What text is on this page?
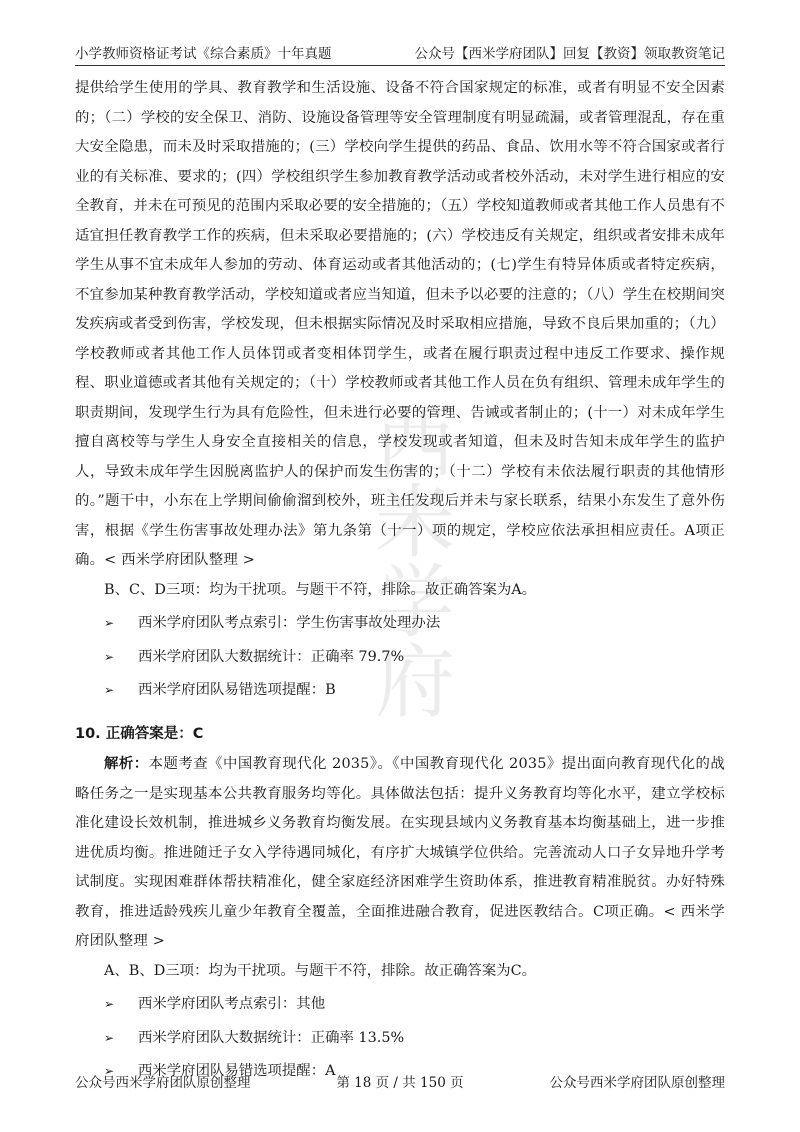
小学教师资格证考试《综合素质》十年真题	公众号【西米学府团队】回复【教资】领取教资笔记
西
米
学
府

提供给学生使用的学具、教育教学和生活设施、设备不符合国家规定的标准，或者有明显不安全因素的；（二）学校的安全保卫、消防、设施设备管理等安全管理制度有明显疏漏，或者管理混乱，存在重大安全隐患，而未及时采取措施的；(三）学校向学生提供的药品、食品、饮用水等不符合国家或者行业的有关标准、要求的；(四）学校组织学生参加教育教学活动或者校外活动，未对学生进行相应的安全教育，并未在可预见的范围内采取必要的安全措施的；（五）学校知道教师或者其他工作人员患有不适宜担任教育教学工作的疾病，但未采取必要措施的；(六）学校违反有关规定，组织或者安排未成年学生从事不宜未成年人参加的劳动、体育运动或者其他活动的；(七)学生有特异体质或者特定疾病，不宜参加某种教育教学活动，学校知道或者应当知道，但未予以必要的注意的；（八）学生在校期间突发疾病或者受到伤害，学校发现，但未根据实际情况及时采取相应措施，导致不良后果加重的；（九）学校教师或者其他工作人员体罚或者变相体罚学生，或者在履行职责过程中违反工作要求、操作规程、职业道德或者其他有关规定的；（十）学校教师或者其他工作人员在负有组织、管理未成年学生的职责期间，发现学生行为具有危险性，但未进行必要的管理、告诫或者制止的；(十一）对未成年学生擅自离校等与学生人身安全直接相关的信息，学校发现或者知道，但未及时告知未成年学生的监护人，导致未成年学生因脱离监护人的保护而发生伤害的；（十二）学校有未依法履行职责的其他情形的。”题干中，小东在上学期间偷偷溜到校外，班主任发现后并未与家长联系，结果小东发生了意外伤害，根据《学生伤害事故处理办法》第九条第（十一）项的规定，学校应依法承担相应责任。A项正确。< 西米学府团队整理 >

B、C、D三项：均为干扰项。与题干不符，排除。故正确答案为A。

➢	西米学府团队考点索引：学生伤害事故处理办法
➢	西米学府团队大数据统计：正确率 79.7%
➢	西米学府团队易错选项提醒：B

10. 正确答案是：C

解析：本题考查《中国教育现代化 2035》。《中国教育现代化 2035》提出面向教育现代化的战略任务之一是实现基本公共教育服务均等化。具体做法包括：提升义务教育均等化水平，建立学校标准化建设长效机制，推进城乡义务教育均衡发展。在实现县域内义务教育基本均衡基础上，进一步推进优质均衡。推进随迁子女入学待遇同城化，有序扩大城镇学位供给。完善流动人口子女异地升学考试制度。实现困难群体帮扶精准化，健全家庭经济困难学生资助体系，推进教育精准脱贫。办好特殊教育，推进适龄残疾儿童少年教育全覆盖，全面推进融合教育，促进医教结合。C项正确。< 西米学府团队整理 >

A、B、D三项：均为干扰项。与题干不符，排除。故正确答案为C。

➢	西米学府团队考点索引：其他
➢	西米学府团队大数据统计：正确率 13.5%
➢	西米学府团队易错选项提醒：A
公众号西米学府团队原创整理	第 18 页 / 共 150 页	公众号西米学府团队原创整理
